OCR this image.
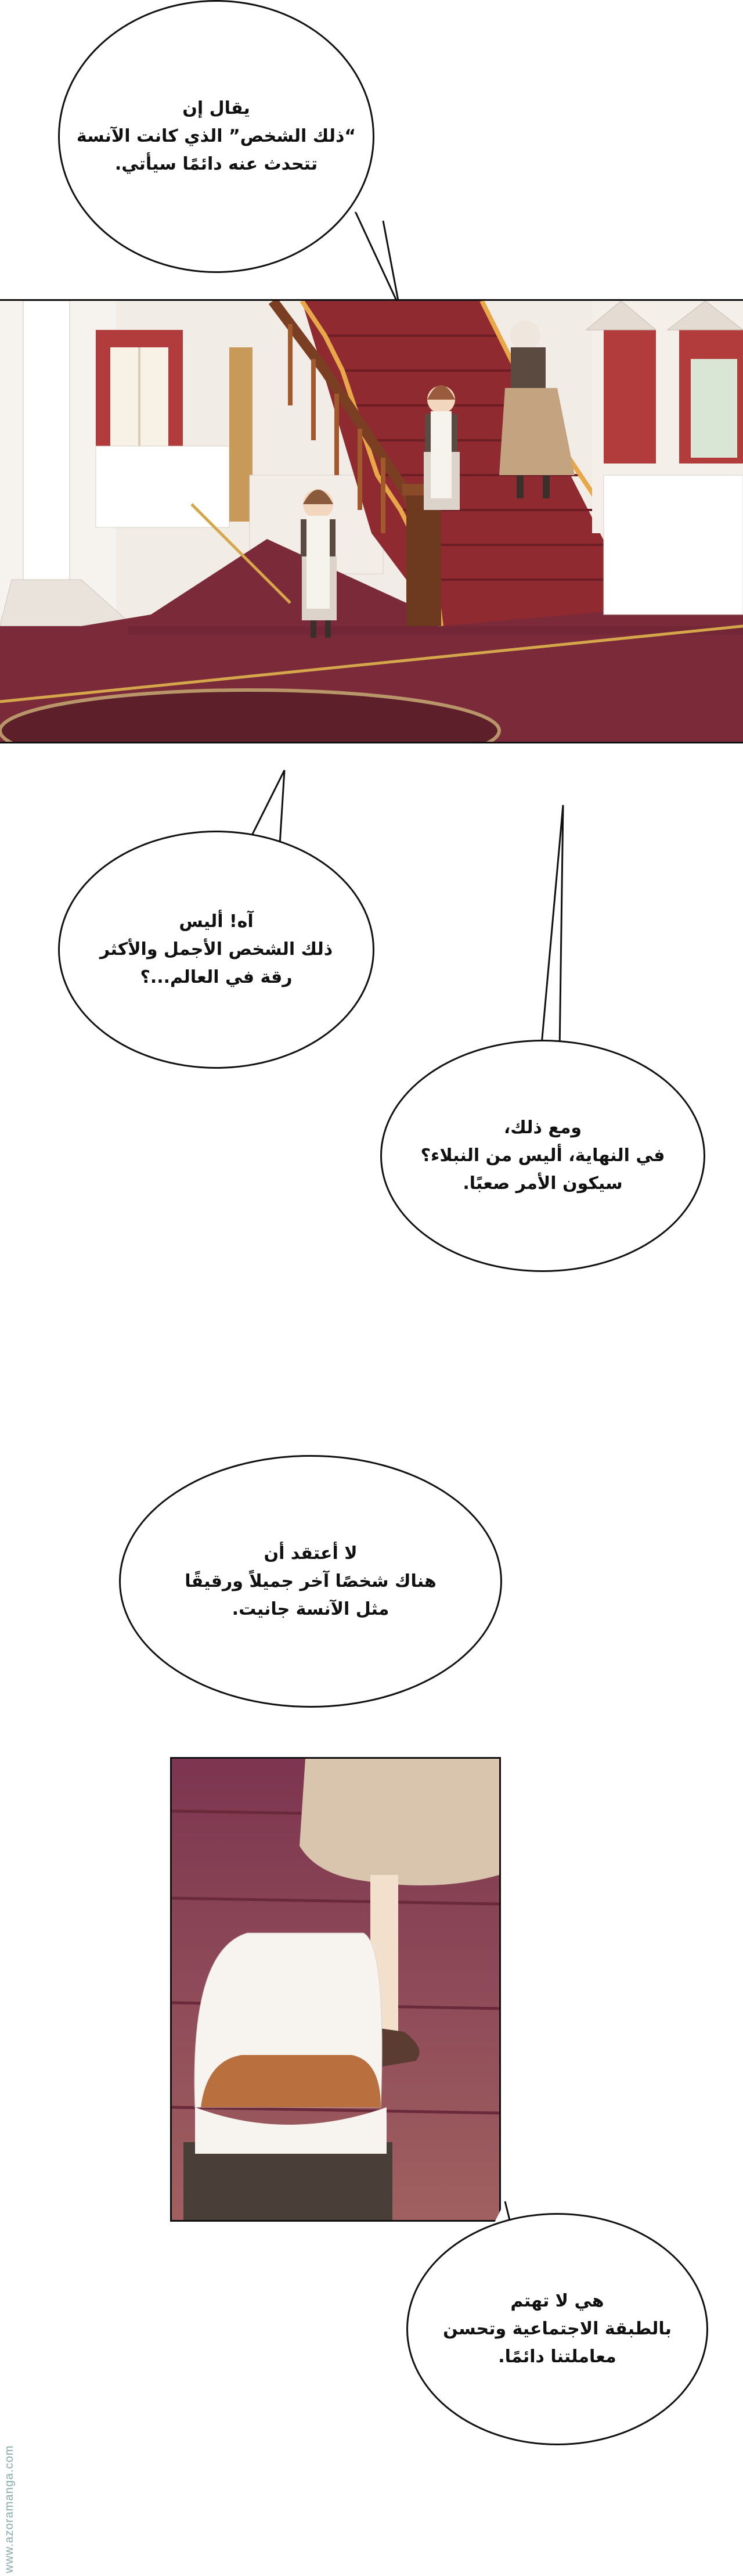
يقال إن
“ذلك الشخص” الذي كانت الآنسة
تتحدث عنه دائمًا سيأتي.

آه! أليس
ذلك الشخص الأجمل والأكثر
رقة في العالم...؟

ومع ذلك،
في النهاية، أليس من النبلاء؟
سيكون الأمر صعبًا.

لا أعتقد أن
هناك شخصًا آخر جميلاً ورقيقًا
مثل الآنسة جانيت.

هي لا تهتم
بالطبقة الاجتماعية وتحسن
معاملتنا دائمًا.

www.azoramanga.com
